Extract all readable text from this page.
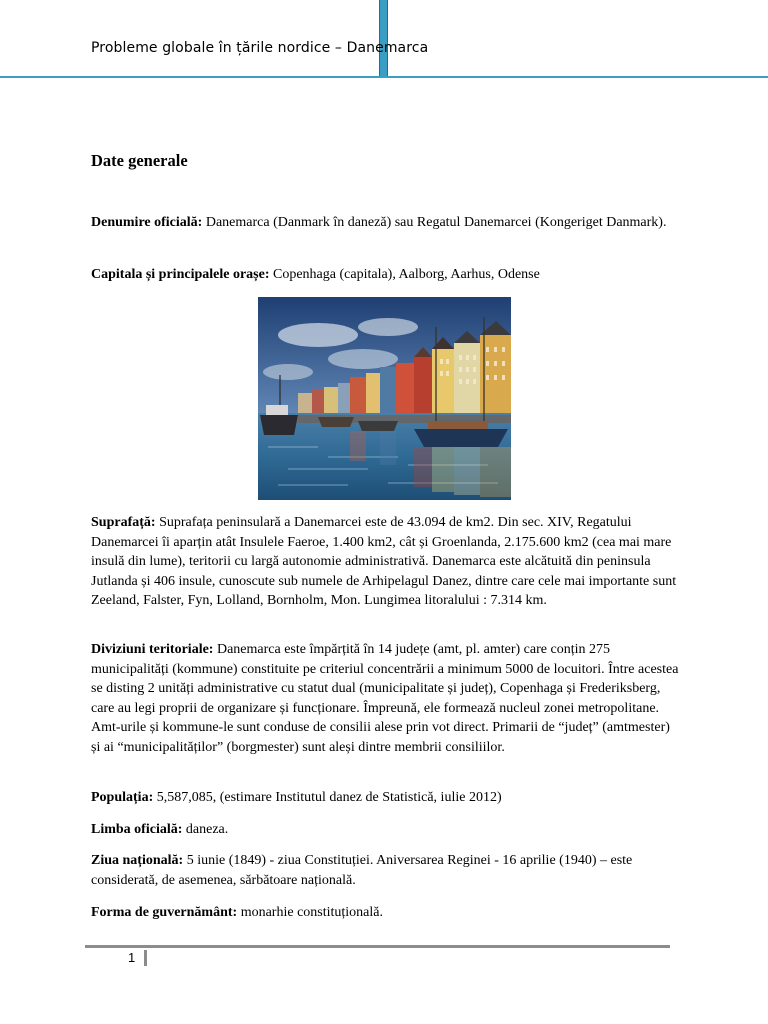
Probleme globale în țările nordice – Danemarca
Date generale

Denumire oficială: Danemarca (Danmark în daneză) sau Regatul Danemarcei (Kongeriget Danmark).

Capitala și principalele orașe: Copenhaga (capitala), Aalborg, Aarhus, Odense

Suprafață: Suprafața peninsulară a Danemarcei este de 43.094 de km2. Din sec. XIV, Regatului Danemarcei îi aparțin atât Insulele Faeroe, 1.400 km2, cât și Groenlanda, 2.175.600 km2 (cea mai mare insulă din lume), teritorii cu largă autonomie administrativă. Danemarca este alcătuită din peninsula Jutlanda și 406 insule, cunoscute sub numele de Arhipelagul Danez, dintre care cele mai importante sunt Zeeland, Falster, Fyn, Lolland, Bornholm, Mon. Lungimea litoralului : 7.314 km.

Diviziuni teritoriale: Danemarca este împărțită în 14 județe (amt, pl. amter) care conțin 275 municipalități (kommune) constituite pe criteriul concentrării a minimum 5000 de locuitori. Între acestea se disting 2 unități administrative cu statut dual (municipalitate și județ), Copenhaga și Frederiksberg, care au legi proprii de organizare și funcționare. Împreună, ele formează nucleul zonei metropolitane. Amt-urile și kommune-le sunt conduse de consilii alese prin vot direct. Primarii de “județ” (amtmester) și ai “municipalităților” (borgmester) sunt aleși dintre membrii consiliilor.

Populația: 5,587,085, (estimare Institutul danez de Statistică, iulie 2012)

Limba oficială: daneza.

Ziua națională: 5 iunie (1849) - ziua Constituției. Aniversarea Reginei - 16 aprilie (1940) – este considerată, de asemenea, sărbătoare națională.

Forma de guvernământ: monarhie constituțională.

1
